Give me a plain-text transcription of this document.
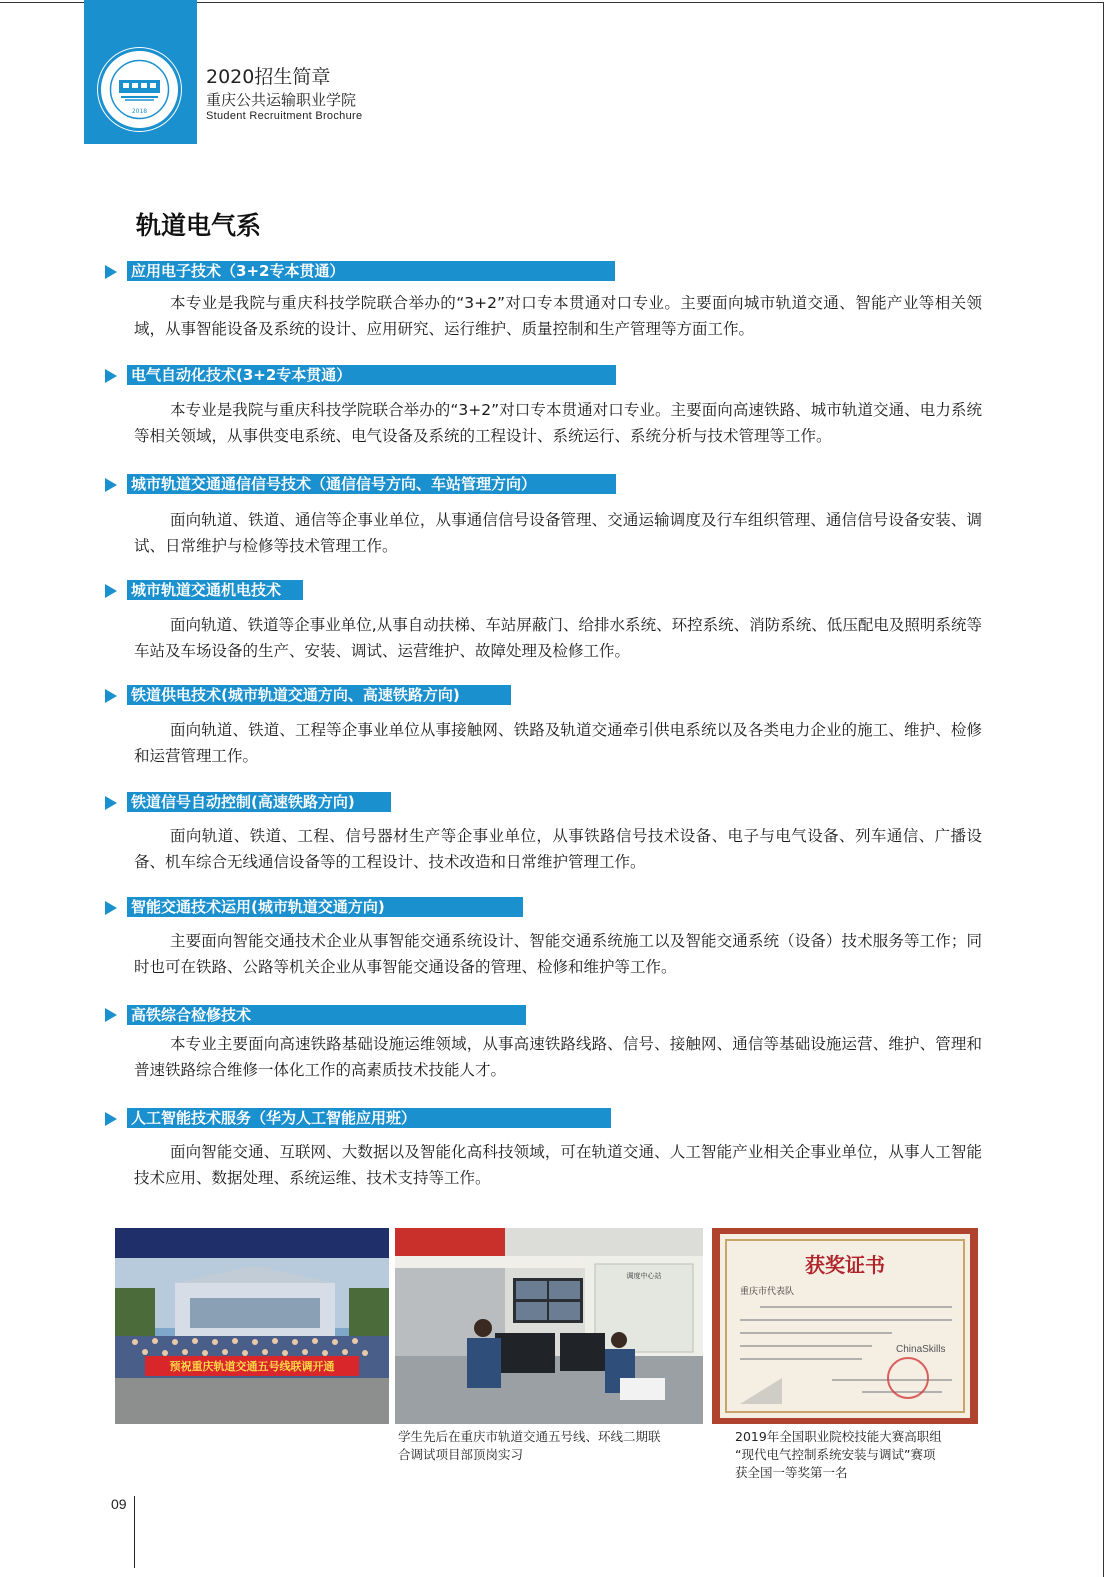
2018
2020招生简章
重庆公共运输职业学院
Student Recruitment Brochure
轨道电气系
应用电子技术（3+2专本贯通）
本专业是我院与重庆科技学院联合举办的“3+2”对口专本贯通对口专业。主要面向城市轨道交通、智能产业等相关领域，从事智能设备及系统的设计、应用研究、运行维护、质量控制和生产管理等方面工作。
电气自动化技术(3+2专本贯通）
本专业是我院与重庆科技学院联合举办的“3+2”对口专本贯通对口专业。主要面向高速铁路、城市轨道交通、电力系统等相关领域，从事供变电系统、电气设备及系统的工程设计、系统运行、系统分析与技术管理等工作。
城市轨道交通通信信号技术（通信信号方向、车站管理方向）
面向轨道、铁道、通信等企事业单位，从事通信信号设备管理、交通运输调度及行车组织管理、通信信号设备安装、调试、日常维护与检修等技术管理工作。
城市轨道交通机电技术
面向轨道、铁道等企事业单位,从事自动扶梯、车站屏蔽门、给排水系统、环控系统、消防系统、低压配电及照明系统等车站及车场设备的生产、安装、调试、运营维护、故障处理及检修工作。
铁道供电技术(城市轨道交通方向、高速铁路方向)
面向轨道、铁道、工程等企事业单位从事接触网、铁路及轨道交通牵引供电系统以及各类电力企业的施工、维护、检修和运营管理工作。
铁道信号自动控制(高速铁路方向)
面向轨道、铁道、工程、信号器材生产等企事业单位，从事铁路信号技术设备、电子与电气设备、列车通信、广播设备、机车综合无线通信设备等的工程设计、技术改造和日常维护管理工作。
智能交通技术运用(城市轨道交通方向)
主要面向智能交通技术企业从事智能交通系统设计、智能交通系统施工以及智能交通系统（设备）技术服务等工作；同时也可在铁路、公路等机关企业从事智能交通设备的管理、检修和维护等工作。
高铁综合检修技术
本专业主要面向高速铁路基础设施运维领域，从事高速铁路线路、信号、接触网、通信等基础设施运营、维护、管理和普速铁路综合维修一体化工作的高素质技术技能人才。
人工智能技术服务（华为人工智能应用班）
面向智能交通、互联网、大数据以及智能化高科技领域，可在轨道交通、人工智能产业相关企事业单位，从事人工智能技术应用、数据处理、系统运维、技术支持等工作。
预祝重庆轨道交通五号线联调开通
调度中心站	获奖证书
重庆市代表队
ChinaSkills
学生先后在重庆市轨道交通五号线、环线二期联合调试项目部顶岗实习
2019年全国职业院校技能大赛高职组
“现代电气控制系统安装与调试”赛项
获全国一等奖第一名
09
